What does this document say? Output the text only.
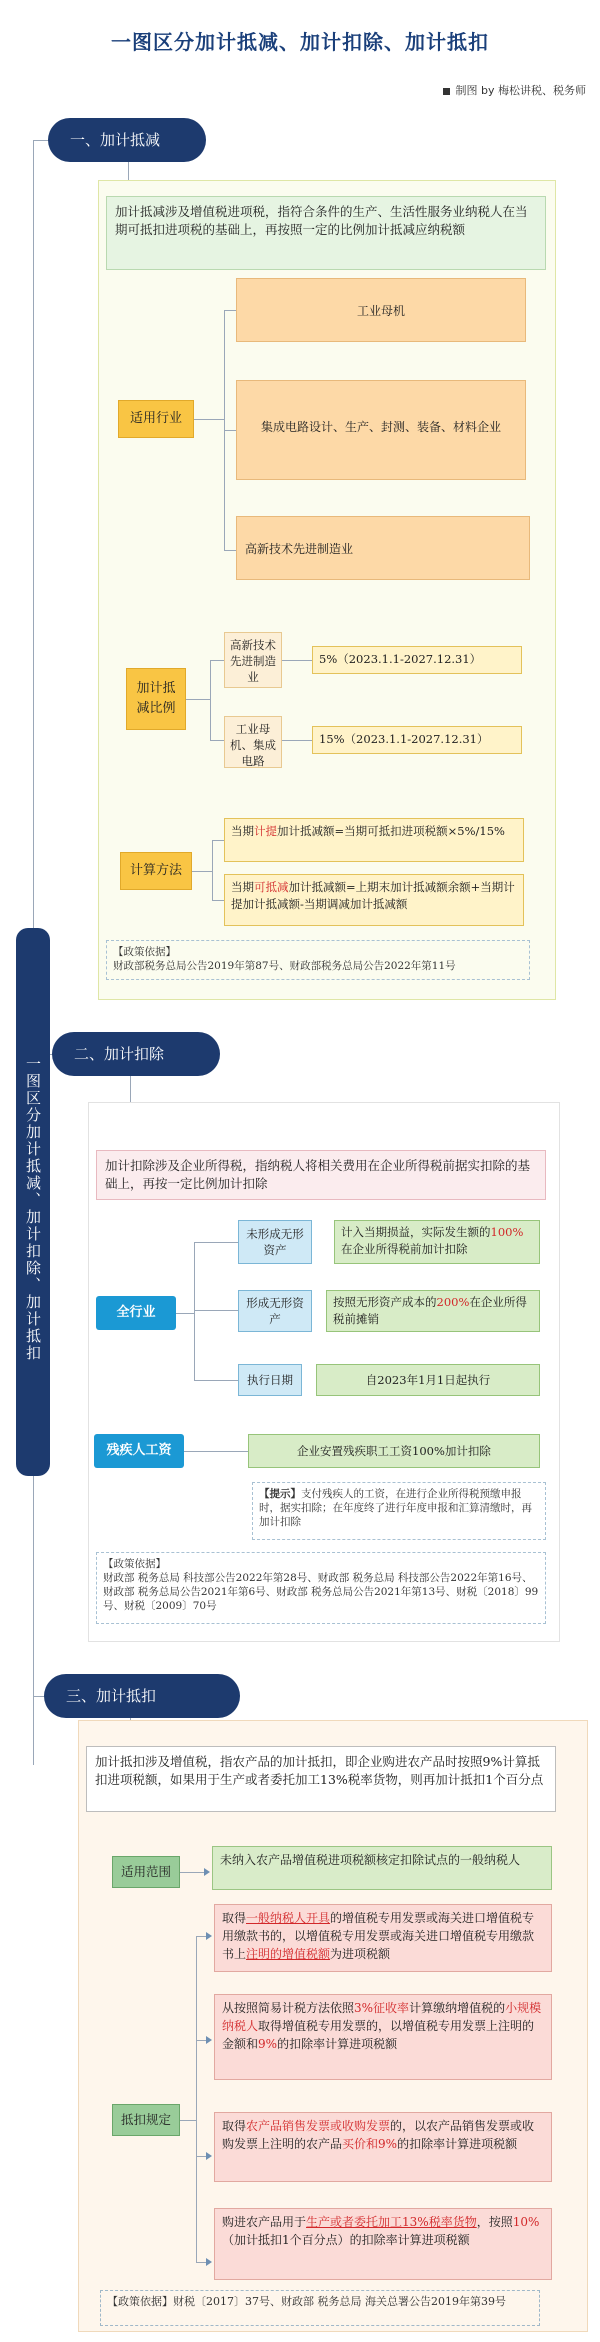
一图区分加计抵减、加计扣除、加计抵扣
制图 by 梅松讲税、税务师
一图区分加计抵减、加计扣除、加计抵扣
一、加计抵减
加计抵减涉及增值税进项税，指符合条件的生产、生活性服务业纳税人在当期可抵扣进项税的基础上，再按照一定的比例加计抵减应纳税额
适用行业
工业母机
集成电路设计、生产、封测、装备、材料企业
高新技术先进制造业
加计抵减比例
高新技术先进制造业
工业母机、集成电路
5%（2023.1.1-2027.12.31）
15%（2023.1.1-2027.12.31）
计算方法
当期计提加计抵减额=当期可抵扣进项税额×5%/15%
当期可抵减加计抵减额=上期末加计抵减额余额+当期计提加计抵减额-当期调减加计抵减额
【政策依据】
财政部税务总局公告2019年第87号、财政部税务总局公告2022年第11号
二、加计扣除
加计扣除涉及企业所得税，指纳税人将相关费用在企业所得税前据实扣除的基础上，再按一定比例加计扣除
全行业
未形成无形资产
计入当期损益，实际发生额的100%在企业所得税前加计扣除
形成无形资产
按照无形资产成本的200%在企业所得税前摊销
执行日期	自2023年1月1日起执行
残疾人工资	企业安置残疾职工工资100%加计扣除
【提示】支付残疾人的工资，在进行企业所得税预缴申报时，据实扣除；在年度终了进行年度申报和汇算清缴时，再加计扣除
【政策依据】
财政部 税务总局 科技部公告2022年第28号、财政部 税务总局 科技部公告2022年第16号、财政部 税务总局公告2021年第6号、财政部 税务总局公告2021年第13号、财税〔2018〕99号、财税〔2009〕70号
三、加计抵扣
加计抵扣涉及增值税，指农产品的加计抵扣，即企业购进农产品时按照9%计算抵扣进项税额，如果用于生产或者委托加工13%税率货物，则再加计抵扣1个百分点
适用范围
未纳入农产品增值税进项税额核定扣除试点的一般纳税人
抵扣规定
取得一般纳税人开具的增值税专用发票或海关进口增值税专用缴款书的，以增值税专用发票或海关进口增值税专用缴款书上注明的增值税额为进项税额
从按照简易计税方法依照3%征收率计算缴纳增值税的小规模纳税人取得增值税专用发票的，以增值税专用发票上注明的金额和9%的扣除率计算进项税额
取得农产品销售发票或收购发票的，以农产品销售发票或收购发票上注明的农产品买价和9%的扣除率计算进项税额
购进农产品用于生产或者委托加工13%税率货物，按照10%（加计抵扣1个百分点）的扣除率计算进项税额
【政策依据】财税〔2017〕37号、财政部 税务总局 海关总署公告2019年第39号
